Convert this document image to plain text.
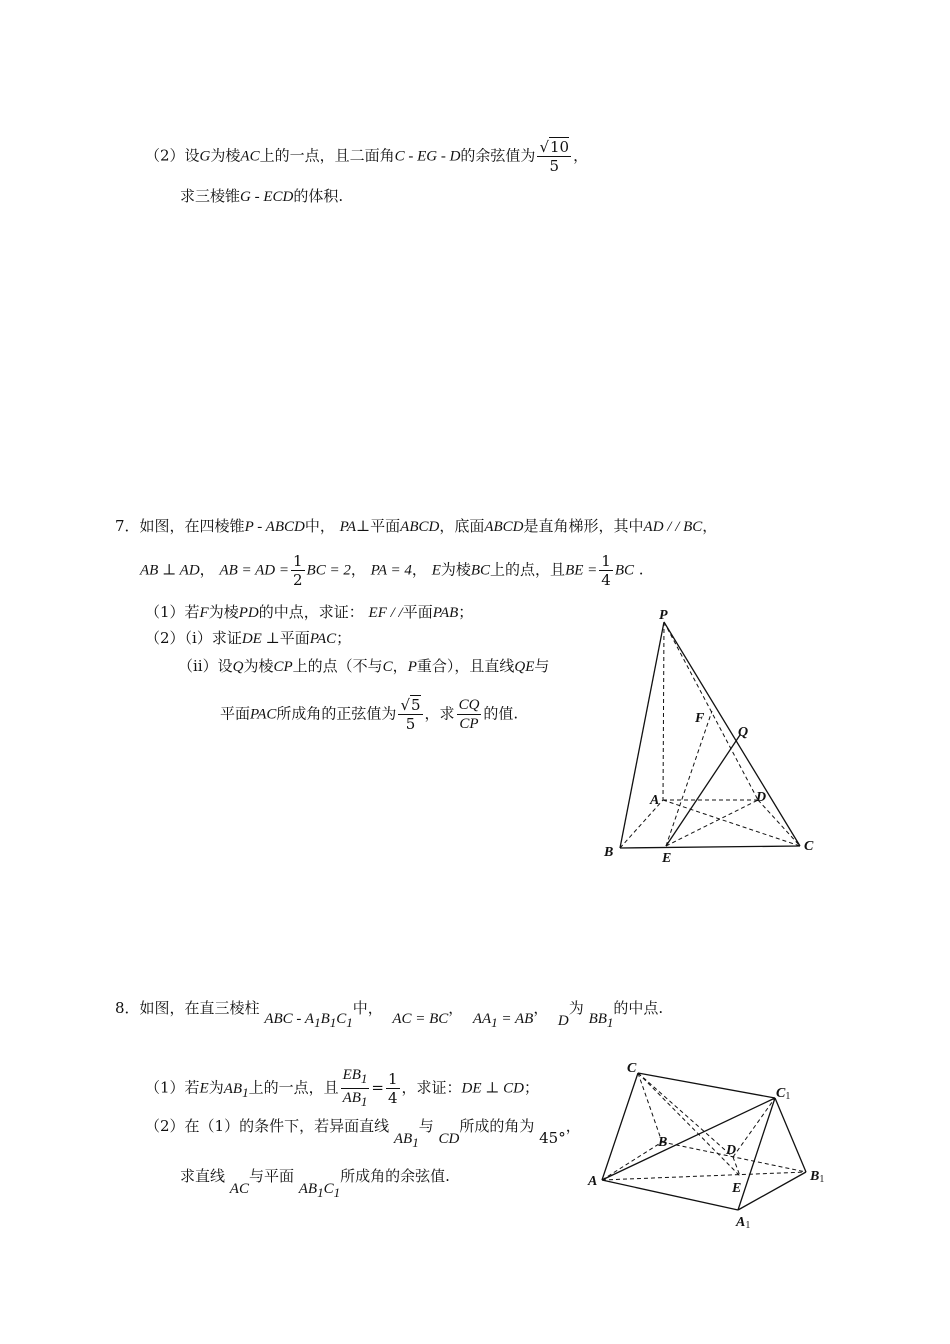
（2）设G为棱AC上的一点，且二面角C - EG - D的余弦值为 $\frac{√10}{5}$ ，
求三棱锥G - ECD的体积.
7．如图，在四棱锥P - ABCD中， PA⊥平面ABCD，底面ABCD是直角梯形，其中AD / / BC，
AB ⊥ AD， AB = AD = $\frac{1}{2}$ BC = 2， PA = 4， E为棱BC上的点，且BE = $\frac{1}{4}$ BC .
（1）若F为棱PD的中点，求证： EF / /平面PAB；
（2）（ⅰ）求证DE ⊥平面PAC；
（ⅱ）设Q为棱CP上的点（不与C，P重合），且直线QE与
平面PAC所成角的正弦值为 $\frac{√5}{5}$ ，求 $\frac{CQ}{CP}$ 的值.
P
F
Q
A	D
B	E
C
8．如图，在直三棱柱 ABC - $A_1B_1C_1$中，  AC = BC，  $AA_1$ = AB，  D为 $BB_1$的中点.
（1）若E为$AB_1$上的一点，且 $\frac{EB_1}{AB_1} = \frac{1}{4}$ ，求证：DE ⊥ CD；
（2）在（1）的条件下，若异面直线 $AB_1$与 CD所成的角为 45°，
求直线 AC与平面 $AB_1C_1$所成角的余弦值.
C
C1
B
D
A	E
B1
A1
